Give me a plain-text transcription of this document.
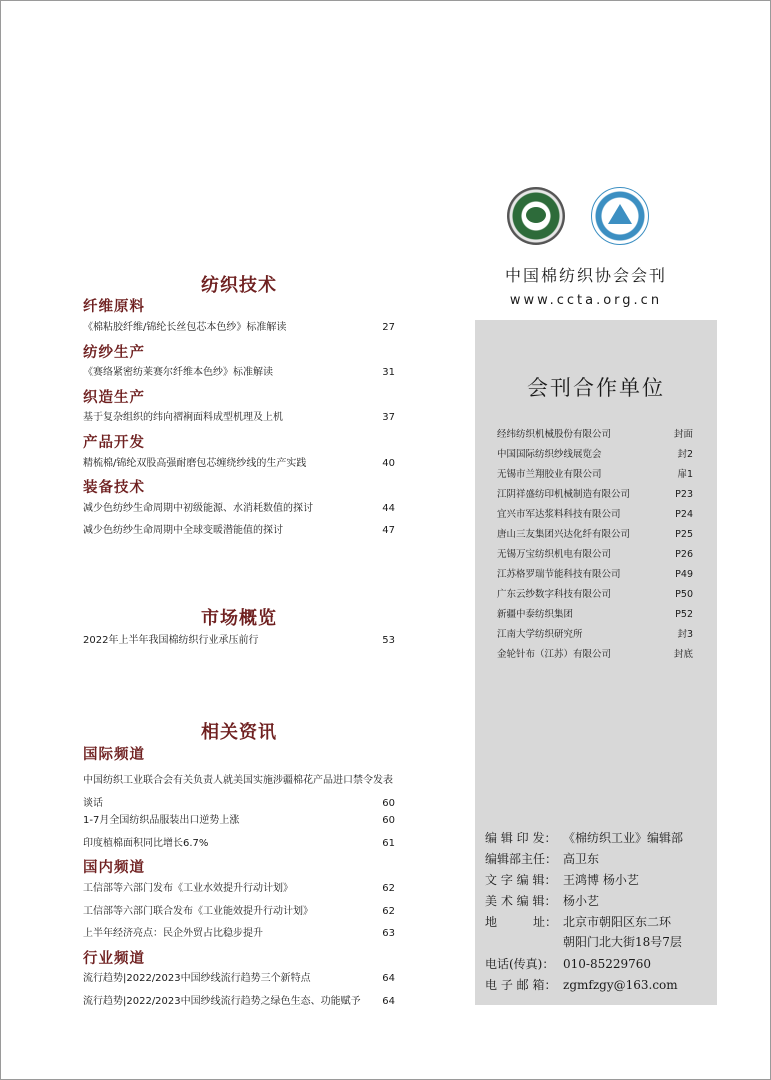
纺织技术
纤维原料
《棉粘胶纤维/锦纶长丝包芯本色纱》标准解读	27
纺纱生产
《赛络紧密纺莱赛尔纤维本色纱》标准解读	31
织造生产
基于复杂组织的纬向褶裥面料成型机理及上机	37
产品开发
精梳棉/锦纶双股高强耐磨包芯缠绕纱线的生产实践	40
装备技术
减少色纺纱生命周期中初级能源、水消耗数值的探讨	44
减少色纺纱生命周期中全球变暖潜能值的探讨	47
市场概览
2022年上半年我国棉纺织行业承压前行	53
相关资讯
国际频道
中国纺织工业联合会有关负责人就美国实施涉疆棉花产品进口禁令发表谈话	60
1-7月全国纺织品服装出口逆势上涨	60
印度植棉面积同比增长6.7%	61
国内频道
工信部等六部门发布《工业水效提升行动计划》	62
工信部等六部门联合发布《工业能效提升行动计划》	62
上半年经济亮点：民企外贸占比稳步提升	63
行业频道
流行趋势|2022/2023中国纱线流行趋势三个新特点	64
流行趋势|2022/2023中国纱线流行趋势之绿色生态、功能赋予	64
中国棉纺织协会会刊
www.ccta.org.cn
会刊合作单位
经纬纺织机械股份有限公司	封面
中国国际纺织纱线展览会	封2
无锡市兰翔胶业有限公司	扉1
江阴祥盛纺印机械制造有限公司	P23
宜兴市军达浆料科技有限公司	P24
唐山三友集团兴达化纤有限公司	P25
无锡万宝纺织机电有限公司	P26
江苏格罗瑞节能科技有限公司	P49
广东云纱数字科技有限公司	P50
新疆中泰纺织集团	P52
江南大学纺织研究所	封3
金轮针布（江苏）有限公司	封底
编 辑 印 发： 《棉纺织工业》编辑部
编辑部主任： 高卫东
文 字 编 辑： 王鸿博 杨小艺
美 术 编 辑： 杨小艺
地　　　址： 北京市朝阳区东二环
朝阳门北大街18号7层
电话(传真)： 010-85229760
电 子 邮 箱： zgmfzgy@163.com
